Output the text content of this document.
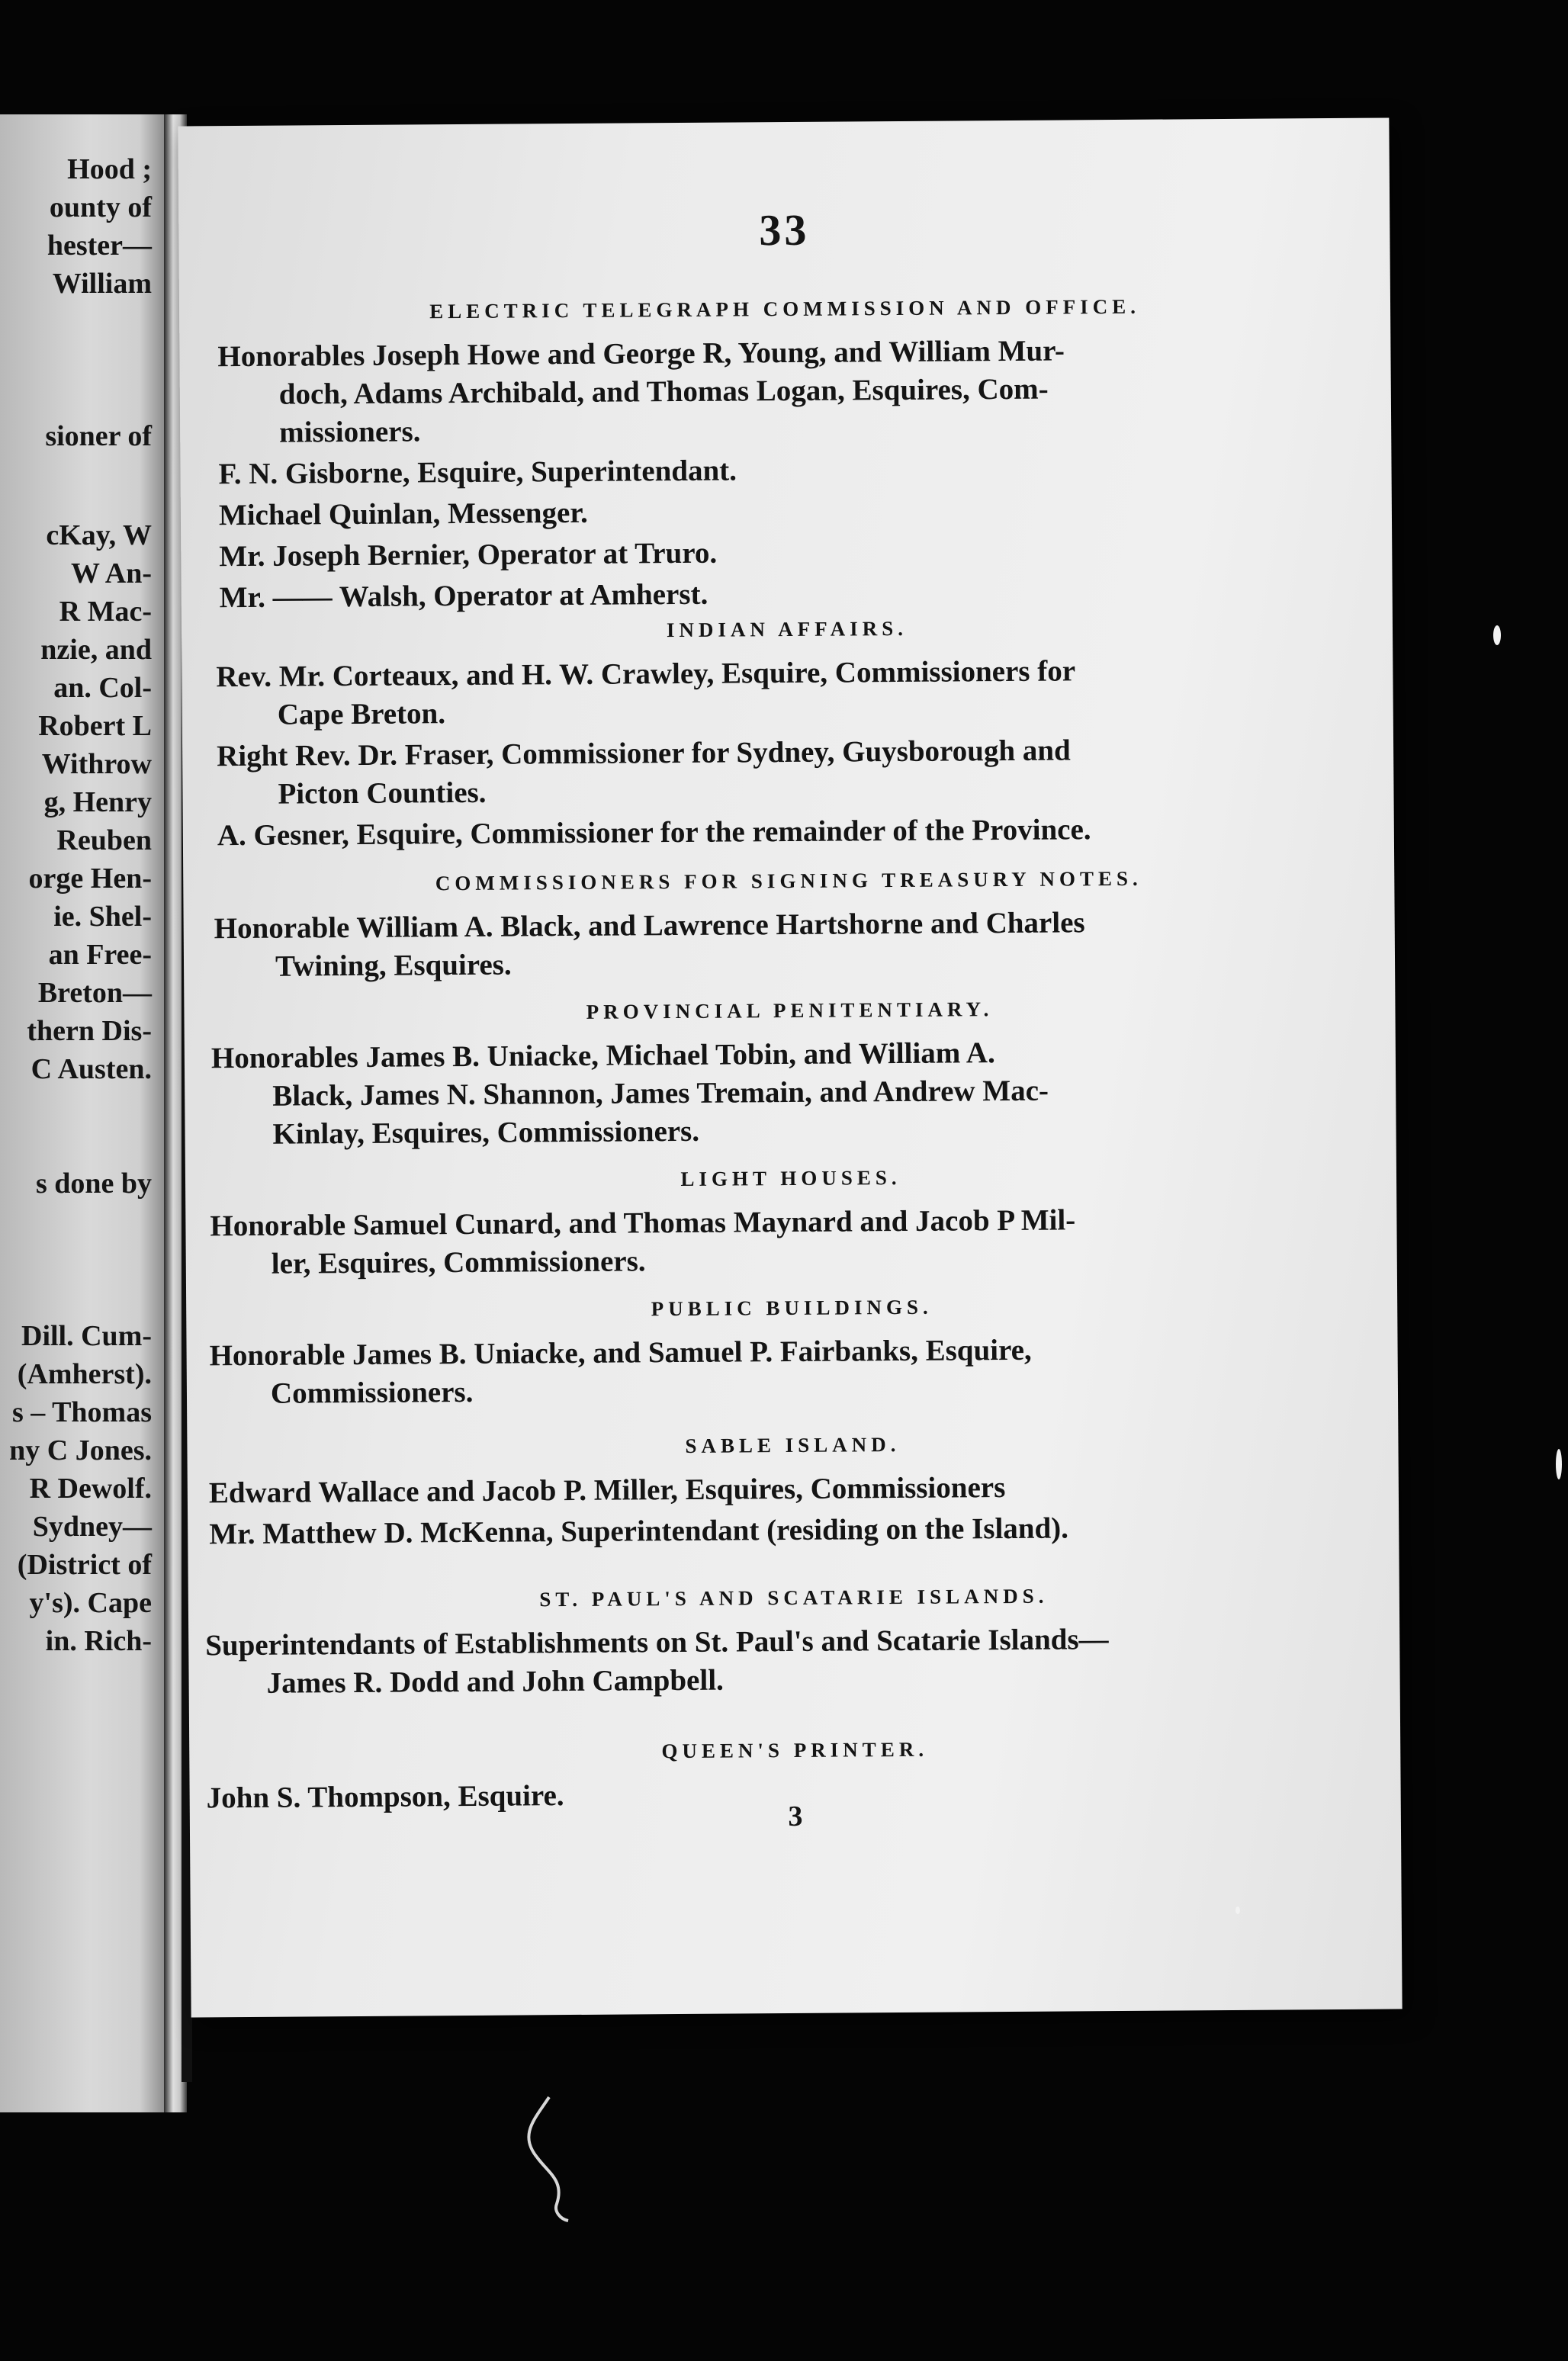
Hood ;
ounty of
hester—
William
sioner of
cKay, W
W An-
R Mac-
nzie, and
an. Col-
Robert L
Withrow
g, Henry
Reuben
orge Hen-
ie. Shel-
an Free-
Breton—
thern Dis-
C Austen.
s done by
Dill. Cum-
(Amherst).
s – Thomas
ny C Jones.
R Dewolf.
Sydney—
(District of
y's). Cape
in. Rich-
33
ELECTRIC TELEGRAPH COMMISSION AND OFFICE.
Honorables Joseph Howe and George R, Young, and William Mur-
doch, Adams Archibald, and Thomas Logan, Esquires, Com-
missioners.
F. N. Gisborne, Esquire, Superintendant.
Michael Quinlan, Messenger.
Mr. Joseph Bernier, Operator at Truro.
Mr. —— Walsh, Operator at Amherst.
INDIAN AFFAIRS.
Rev. Mr. Corteaux, and H. W. Crawley, Esquire, Commissioners for
Cape Breton.
Right Rev. Dr. Fraser, Commissioner for Sydney, Guysborough and
Picton Counties.
A. Gesner, Esquire, Commissioner for the remainder of the Province.
COMMISSIONERS FOR SIGNING TREASURY NOTES.
Honorable William A. Black, and Lawrence Hartshorne and Charles
Twining, Esquires.
PROVINCIAL PENITENTIARY.
Honorables James B. Uniacke, Michael Tobin, and William A.
Black, James N. Shannon, James Tremain, and Andrew Mac-
Kinlay, Esquires, Commissioners.
LIGHT HOUSES.
Honorable Samuel Cunard, and Thomas Maynard and Jacob P Mil-
ler, Esquires, Commissioners.
PUBLIC BUILDINGS.
Honorable James B. Uniacke, and Samuel P. Fairbanks, Esquire,
Commissioners.
SABLE ISLAND.
Edward Wallace and Jacob P. Miller, Esquires, Commissioners
Mr. Matthew D. McKenna, Superintendant (residing on the Island).
ST. PAUL'S AND SCATARIE ISLANDS.
Superintendants of Establishments on St. Paul's and Scatarie Islands—
James R. Dodd and John Campbell.
QUEEN'S PRINTER.
John S. Thompson, Esquire.
3
